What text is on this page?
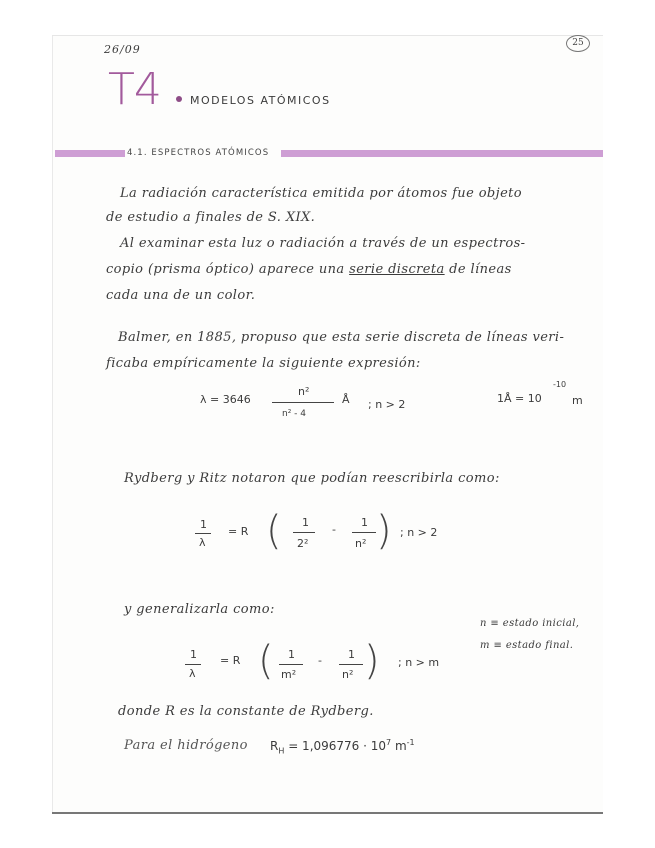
26/09	25
T4	MODELOS ATÓMICOS
4.1. ESPECTROS ATÓMICOS
La radiación característica emitida por átomos fue objeto
de estudio a finales de S. XIX.
Al examinar esta luz o radiación a través de un espectros-
copio (prisma óptico) aparece una serie discreta de líneas
cada una de un color.
Balmer, en 1885, propuso que esta serie discreta de líneas veri-
ficaba empíricamente la siguiente expresión:
λ = 3646
n²
n² - 4
Å ; n > 2	1Å = 10
-10
m
Rydberg y Ritz notaron que podían reescribirla como:
1
λ
= R ( 1
2²
-
1
n² ) ; n > 2
y generalizarla como:
n ≡ estado inicial,
m ≡ estado final.
1
λ
= R ( 1
m²
- 1
n² ) ; n > m
donde R es la constante de Rydberg.
Para el hidrógeno $R_H = 1,096776 \cdot 10^7$ $m^{-1}$
